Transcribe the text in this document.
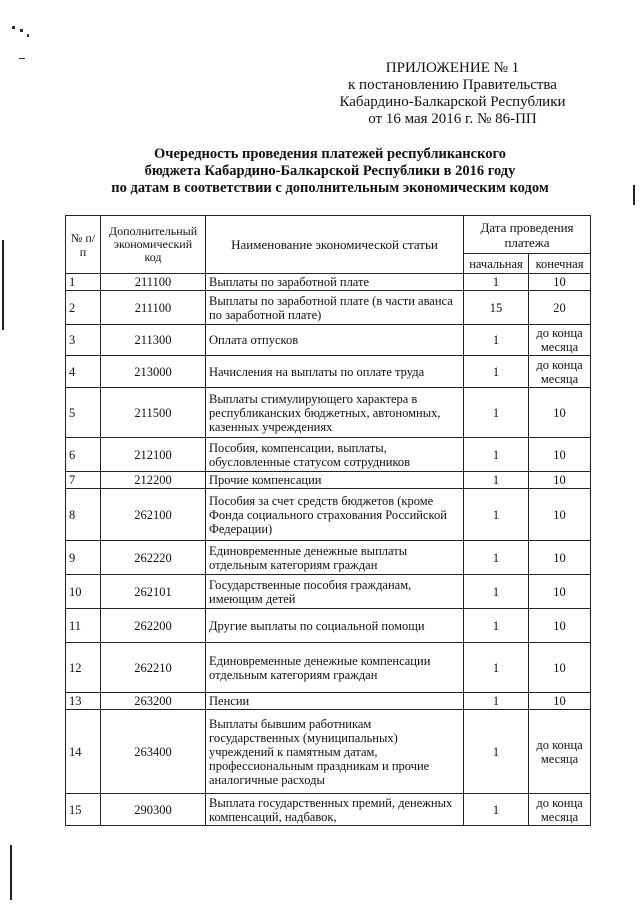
ПРИЛОЖЕНИЕ № 1
к постановлению Правительства
Кабардино-Балкарской Республики
от 16 мая 2016 г. № 86-ПП
Очередность проведения платежей республиканского
бюджета Кабардино-Балкарской Республики в 2016 году
по датам в соответствии с дополнительным экономическим кодом
№ п/п	Дополнительный экономический код	Наименование экономической статьи	Дата проведения платежа	
			начальная	конечная
1	211100	Выплаты по заработной плате	1	10
2	211100	Выплаты по заработной плате (в части аванса по заработной плате)	15	20
3	211300	Оплата отпусков	1	до конца месяца
4	213000	Начисления на выплаты по оплате труда	1	до конца месяца
5	211500	Выплаты стимулирующего характера в республиканских бюджетных, автономных, казенных учреждениях	1	10
6	212100	Пособия, компенсации, выплаты, обусловленные статусом сотрудников	1	10
7	212200	Прочие компенсации	1	10
8	262100	Пособия за счет средств бюджетов (кроме Фонда социального страхования Российской Федерации)	1	10
9	262220	Единовременные денежные выплаты отдельным категориям граждан	1	10
10	262101	Государственные пособия гражданам, имеющим детей	1	10
11	262200	Другие выплаты по социальной помощи	1	10
12	262210	Единовременные денежные компенсации отдельным категориям граждан	1	10
13	263200	Пенсии	1	10
14	263400	Выплаты бывшим работникам государственных (муниципальных) учреждений к памятным датам, профессиональным праздникам и прочие аналогичные расходы	1	до конца месяца
15	290300	Выплата государственных премий, денежных компенсаций, надбавок,	1	до конца месяца
